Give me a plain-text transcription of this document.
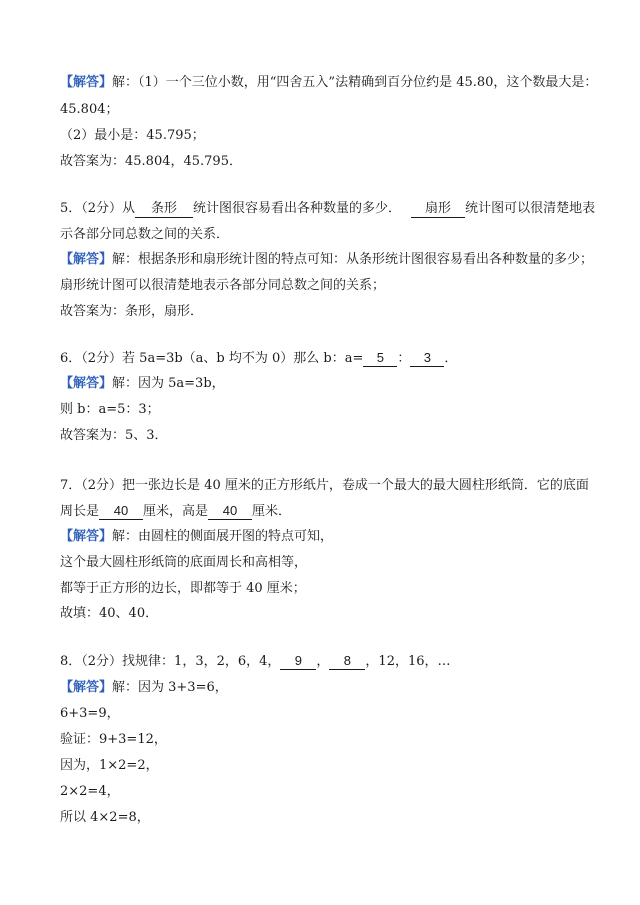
【解答】解：（1）一个三位小数，用“四舍五入”法精确到百分位约是 45.80，这个数最大是：
45.804；
（2）最小是：45.795；
故答案为：45.804，45.795．
5．（2分）从 条形 统计图很容易看出各种数量的多少． 扇形 统计图可以很清楚地表
示各部分同总数之间的关系．
【解答】解：根据条形和扇形统计图的特点可知：从条形统计图很容易看出各种数量的多少；
扇形统计图可以很清楚地表示各部分同总数之间的关系；
故答案为：条形，扇形．
6．（2分）若 5a=3b（a、b 均不为 0）那么 b：a= 5 ： 3 ．
【解答】解：因为 5a=3b，
则 b：a=5：3；
故答案为：5、3．
7．（2分）把一张边长是 40 厘米的正方形纸片，卷成一个最大的最大圆柱形纸筒．它的底面
周长是 40 厘米，高是 40 厘米．
【解答】解：由圆柱的侧面展开图的特点可知，
这个最大圆柱形纸筒的底面周长和高相等，
都等于正方形的边长，即都等于 40 厘米；
故填：40、40．
8．（2分）找规律：1，3，2，6，4， 9 ， 8 ，12，16，…
【解答】解：因为 3+3=6，
6+3=9，
验证：9+3=12，
因为，1×2=2，
2×2=4，
所以 4×2=8，
